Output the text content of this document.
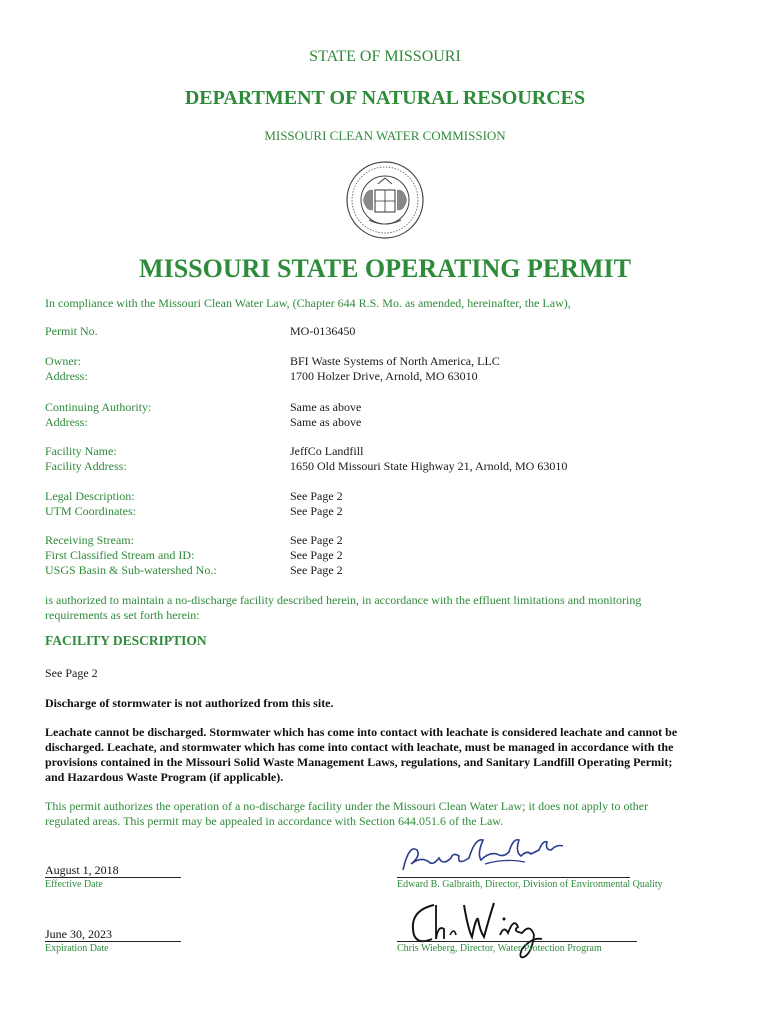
STATE OF MISSOURI
DEPARTMENT OF NATURAL RESOURCES
MISSOURI CLEAN WATER COMMISSION
MISSOURI STATE OPERATING PERMIT
In compliance with the Missouri Clean Water Law, (Chapter 644 R.S. Mo. as amended, hereinafter, the Law),
Permit No.	MO-0136450
Owner:	BFI Waste Systems of North America, LLC
Address:	1700 Holzer Drive, Arnold, MO 63010
Continuing Authority:	Same as above
Address:	Same as above
Facility Name:	JeffCo Landfill
Facility Address:	1650 Old Missouri State Highway 21, Arnold, MO 63010
Legal Description:	See Page 2
UTM Coordinates:	See Page 2
Receiving Stream:	See Page 2
First Classified Stream and ID:	See Page 2
USGS Basin & Sub-watershed No.:	See Page 2
is authorized to maintain a no-discharge facility described herein, in accordance with the effluent limitations and monitoring
requirements as set forth herein:
FACILITY DESCRIPTION
See Page 2
Discharge of stormwater is not authorized from this site.
Leachate cannot be discharged. Stormwater which has come into contact with leachate is considered leachate and cannot be
discharged. Leachate, and stormwater which has come into contact with leachate, must be managed in accordance with the
provisions contained in the Missouri Solid Waste Management Laws, regulations, and Sanitary Landfill Operating Permit;
and Hazardous Waste Program (if applicable).
This permit authorizes the operation of a no-discharge facility under the Missouri Clean Water Law; it does not apply to other
regulated areas. This permit may be appealed in accordance with Section 644.051.6 of the Law.
August 1, 2018
Effective Date	Edward B. Galbraith, Director, Division of Environmental Quality
June 30, 2023
Expiration Date	Chris Wieberg, Director, Water Protection Program
